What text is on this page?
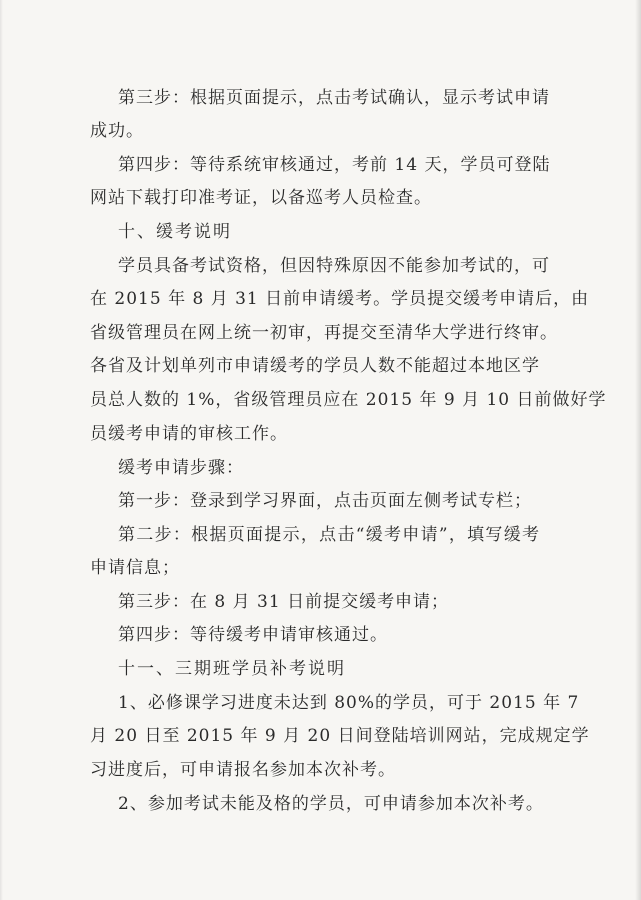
第三步：根据页面提示，点击考试确认，显示考试申请
成功。
第四步：等待系统审核通过，考前 14 天，学员可登陆
网站下载打印准考证，以备巡考人员检查。
十、缓考说明
学员具备考试资格，但因特殊原因不能参加考试的，可
在 2015 年 8 月 31 日前申请缓考。学员提交缓考申请后，由
省级管理员在网上统一初审，再提交至清华大学进行终审。
各省及计划单列市申请缓考的学员人数不能超过本地区学
员总人数的 1%，省级管理员应在 2015 年 9 月 10 日前做好学
员缓考申请的审核工作。
缓考申请步骤：
第一步：登录到学习界面，点击页面左侧考试专栏；
第二步：根据页面提示，点击“缓考申请”，填写缓考
申请信息；
第三步：在 8 月 31 日前提交缓考申请；
第四步：等待缓考申请审核通过。
十一、三期班学员补考说明
1、必修课学习进度未达到 80%的学员，可于 2015 年 7
月 20 日至 2015 年 9 月 20 日间登陆培训网站，完成规定学
习进度后，可申请报名参加本次补考。
2、参加考试未能及格的学员，可申请参加本次补考。
